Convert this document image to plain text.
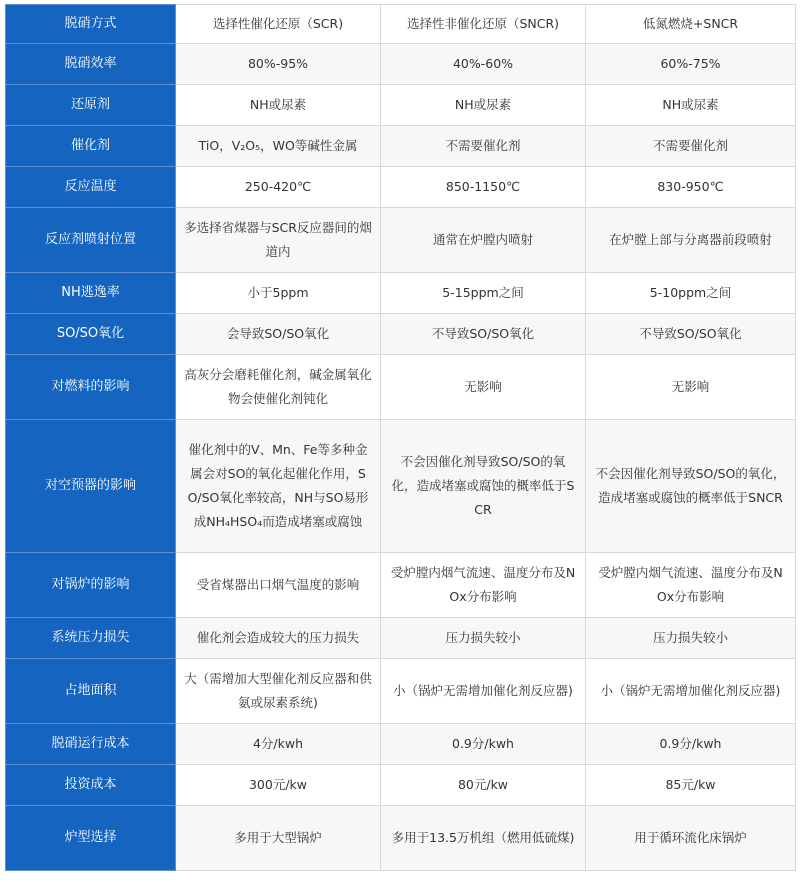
脱硝方式	选择性催化还原（SCR)	选择性非催化还原（SNCR)	低氮燃烧+SNCR
脱硝效率	80%-95%	40%-60%	60%-75%
还原剂	NH或尿素	NH或尿素	NH或尿素
催化剂	TiO，V₂O₅，WO等碱性金属	不需要催化剂	不需要催化剂
反应温度	250-420℃	850-1150℃	830-950℃
反应剂喷射位置	多选择省煤器与SCR反应器间的烟道内	通常在炉膛内喷射	在炉膛上部与分离器前段喷射
NH逃逸率	小于5ppm	5-15ppm之间	5-10ppm之间
SO/SO氧化	会导致SO/SO氧化	不导致SO/SO氧化	不导致SO/SO氧化
对燃料的影响	高灰分会磨耗催化剂，碱金属氧化物会使催化剂钝化	无影响	无影响
对空预器的影响	催化剂中的V、Mn、Fe等多种金属会对SO的氧化起催化作用，SO/SO氧化率较高，NH与SO易形成NH₄HSO₄而造成堵塞或腐蚀	不会因催化剂导致SO/SO的氧化，造成堵塞或腐蚀的概率低于SCR	不会因催化剂导致SO/SO的氧化，造成堵塞或腐蚀的概率低于SNCR
对锅炉的影响	受省煤器出口烟气温度的影响	受炉膛内烟气流速、温度分布及NOx分布影响	受炉膛内烟气流速、温度分布及NOx分布影响
系统压力损失	催化剂会造成较大的压力损失	压力损失较小	压力损失较小
占地面积	大（需增加大型催化剂反应器和供氨或尿素系统)	小（锅炉无需增加催化剂反应器)	小（锅炉无需增加催化剂反应器)
脱硝运行成本	4分/kwh	0.9分/kwh	0.9分/kwh
投资成本	300元/kw	80元/kw	85元/kw
炉型选择	多用于大型锅炉	多用于13.5万机组（燃用低硫煤)	用于循环流化床锅炉
